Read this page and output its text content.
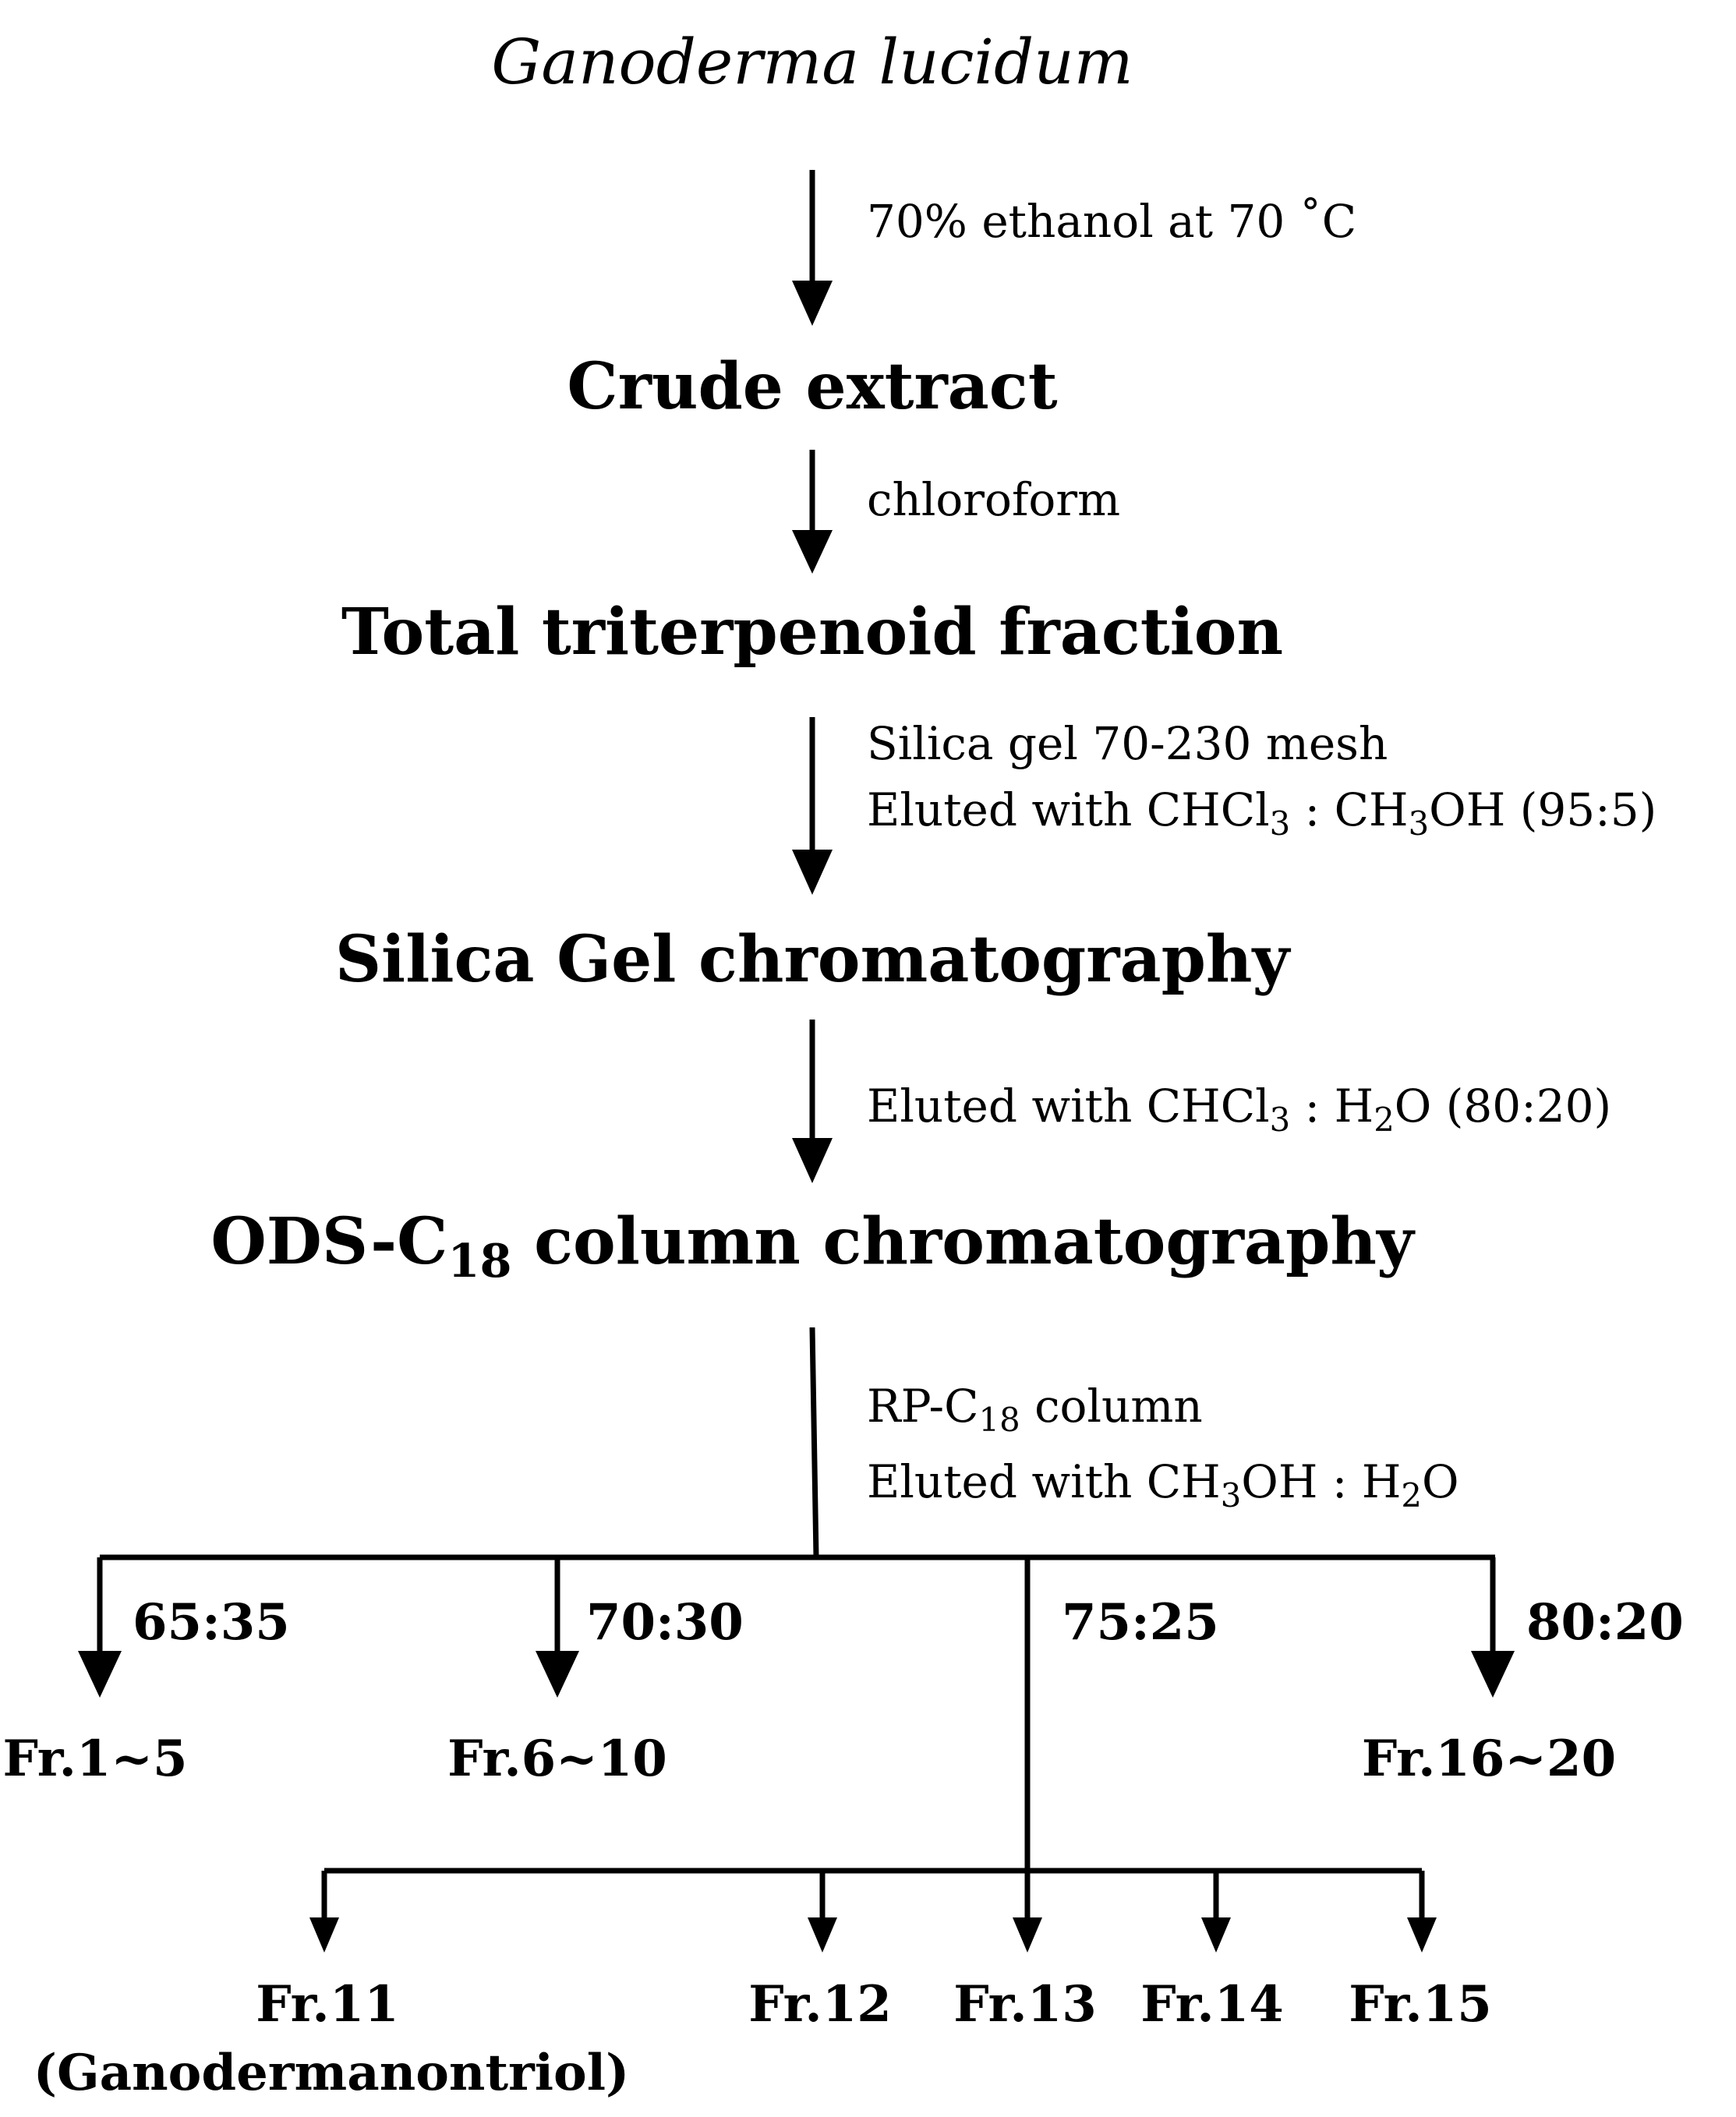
Ganoderma lucidum
70% ethanol at 70 ˚C
Crude extract
chloroform
Total triterpenoid fraction
Silica gel 70-230 mesh
Eluted with CHCl$_3$ : $CH_3OH$ (95:5)
Silica Gel chromatography
Eluted with CHCl$_3$ : $H_2O$ (80:20)
ODS-$C_{18}$ column chromatography
$RP-C_{18}$ column
Eluted with $CH_3OH$ : $H_2O$
65:35	70:30	75:25	80:20
Fr.1~5	Fr.6~10	Fr.16~20
Fr.11
(Ganodermanontriol)
Fr.12 Fr.13 Fr.14 Fr.15
